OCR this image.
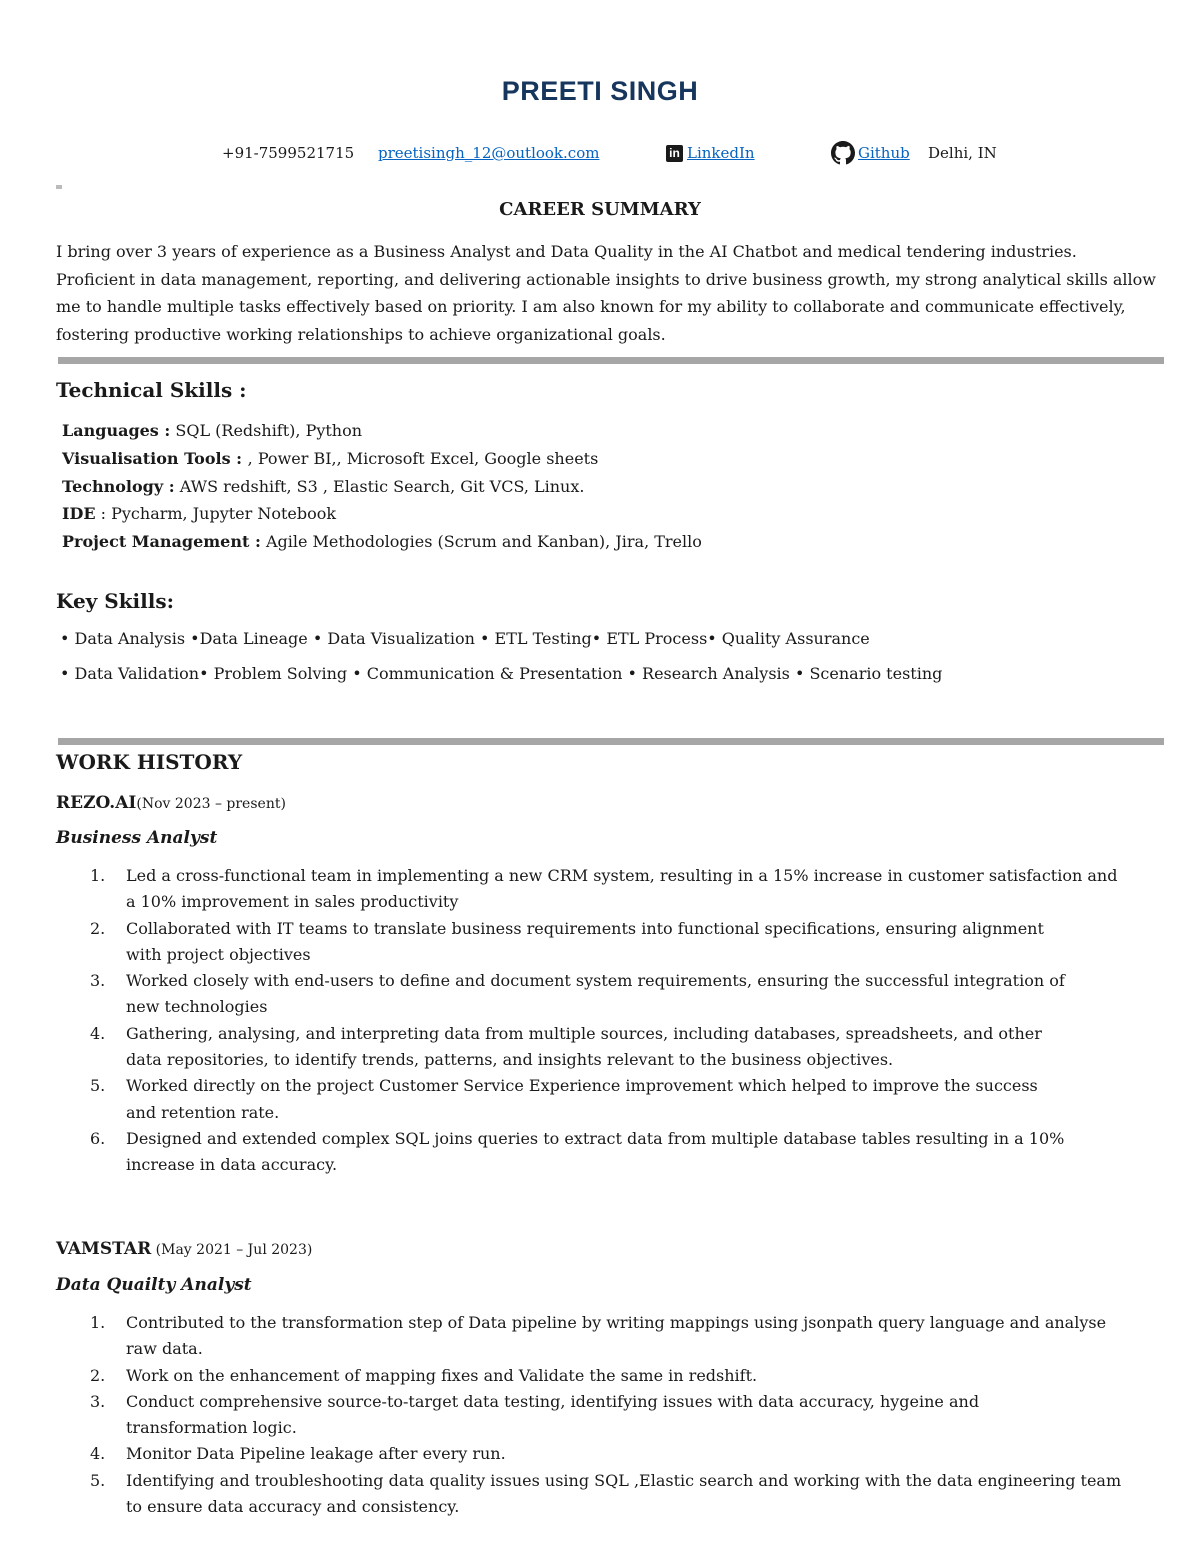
PREETI SINGH
+91-7599521715 preetisingh_12@outlook.com	in LinkedIn	Github Delhi, IN
CAREER SUMMARY
I bring over 3 years of experience as a Business Analyst and Data Quality in the AI Chatbot and medical tendering industries. Proficient in data management, reporting, and delivering actionable insights to drive business growth, my strong analytical skills allow me to handle multiple tasks effectively based on priority. I am also known for my ability to collaborate and communicate effectively, fostering productive working relationships to achieve organizational goals.
Technical Skills :
Languages : SQL (Redshift), Python
Visualisation Tools : , Power BI,, Microsoft Excel, Google sheets
Technology : AWS redshift, S3 , Elastic Search, Git VCS, Linux.
IDE : Pycharm, Jupyter Notebook
Project Management : Agile Methodologies (Scrum and Kanban), Jira, Trello
Key Skills:
• Data Analysis •Data Lineage • Data Visualization • ETL Testing• ETL Process• Quality Assurance
• Data Validation• Problem Solving • Communication & Presentation • Research Analysis • Scenario testing
WORK HISTORY
REZO.AI(Nov 2023 – present)
Business Analyst
1. Led a cross-functional team in implementing a new CRM system, resulting in a 15% increase in customer satisfaction and
a 10% improvement in sales productivity
2. Collaborated with IT teams to translate business requirements into functional specifications, ensuring alignment
with project objectives
3. Worked closely with end-users to define and document system requirements, ensuring the successful integration of
new technologies
4. Gathering, analysing, and interpreting data from multiple sources, including databases, spreadsheets, and other
data repositories, to identify trends, patterns, and insights relevant to the business objectives.
5. Worked directly on the project Customer Service Experience improvement which helped to improve the success
and retention rate.
6. Designed and extended complex SQL joins queries to extract data from multiple database tables resulting in a 10%
increase in data accuracy.
VAMSTAR (May 2021 – Jul 2023)
Data Quailty Analyst
1. Contributed to the transformation step of Data pipeline by writing mappings using jsonpath query language and analyse
raw data.
2. Work on the enhancement of mapping fixes and Validate the same in redshift.
3. Conduct comprehensive source-to-target data testing, identifying issues with data accuracy, hygeine and
transformation logic.
4. Monitor Data Pipeline leakage after every run.
5. Identifying and troubleshooting data quality issues using SQL ,Elastic search and working with the data engineering team
to ensure data accuracy and consistency.
